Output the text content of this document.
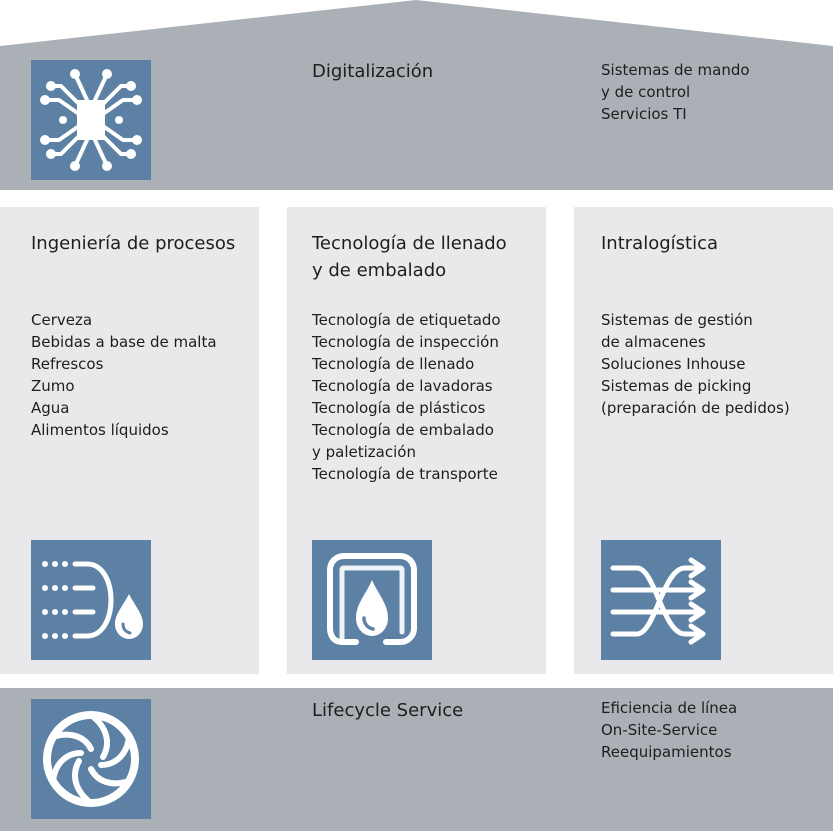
Digitalización	Sistemas de mando
y de control
Servicios TI
Ingeniería de procesos
Cerveza
Bebidas a base de malta
Refrescos
Zumo
Agua
Alimentos líquidos
Tecnología de llenado
y de embalado
Tecnología de etiquetado
Tecnología de inspección
Tecnología de llenado
Tecnología de lavadoras
Tecnología de plásticos
Tecnología de embalado
y paletización
Tecnología de transporte
Intralogística
Sistemas de gestión
de almacenes
Soluciones Inhouse
Sistemas de picking
(preparación de pedidos)
Lifecycle Service	Eficiencia de línea
On-Site-Service
Reequipamientos
